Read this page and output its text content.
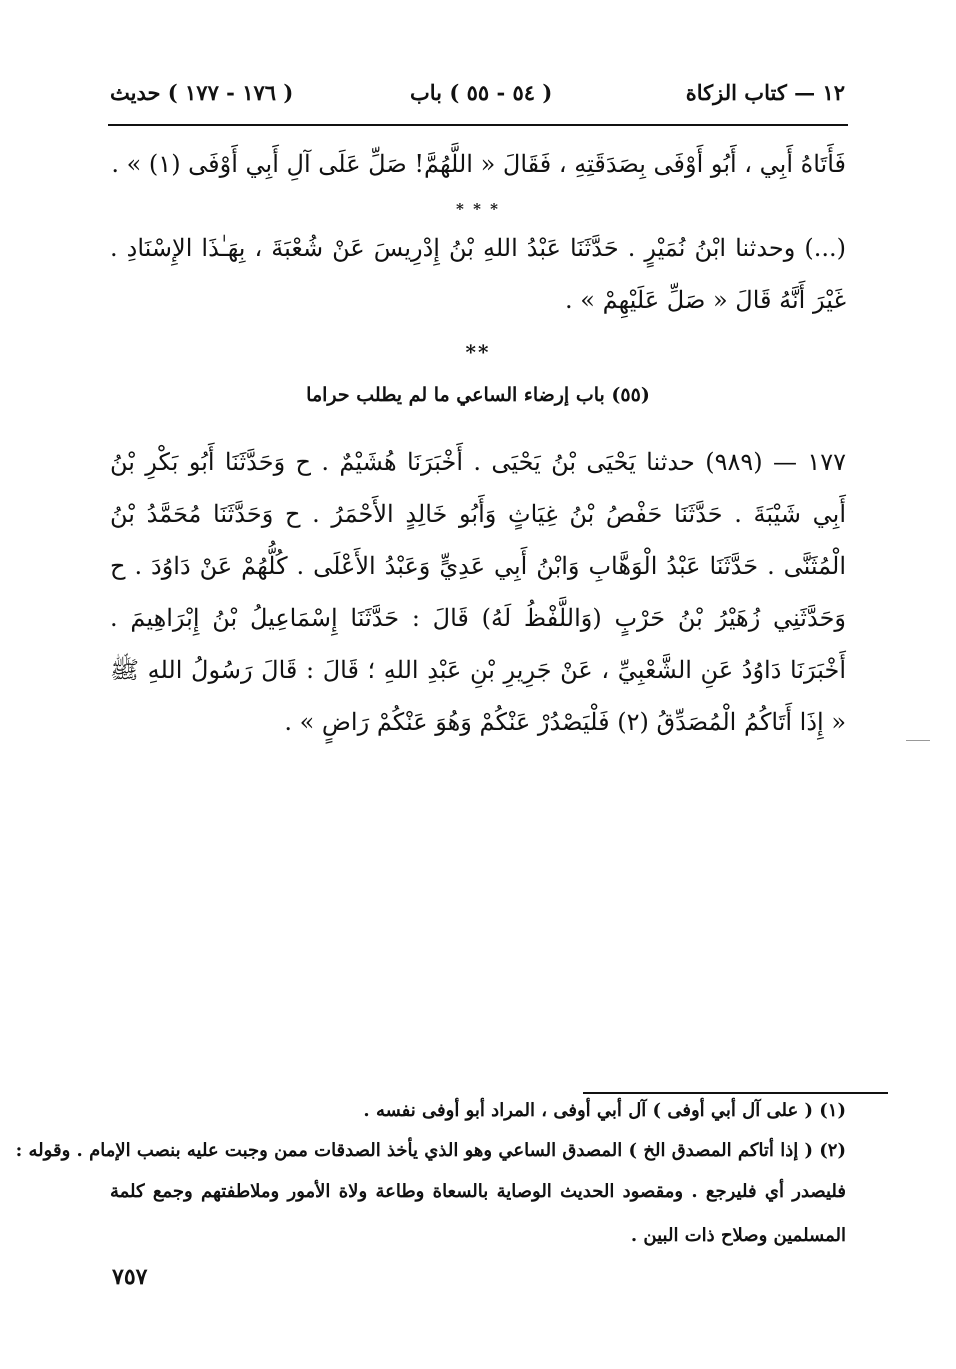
١٢ — كتاب الزكاة
( ٥٤ - ٥٥ ) باب
( ١٧٦ - ١٧٧ ) حديث
فَأَتَاهُ أَبِي ، أَبُو أَوْفَى بِصَدَقَتِهِ ، فَقَالَ « اللَّهُمَّ! صَلِّ عَلَى آلِ أَبِي أَوْفَى (١) » .
* * *
(...) وحدثنا ابْنُ نُمَيْرٍ . حَدَّثَنَا عَبْدُ اللهِ بْنُ إِدْرِيسَ عَنْ شُعْبَةَ ، بِهَـٰذَا الإِسْنَادِ . غَيْرَ أَنَّهُ قَالَ « صَلِّ عَلَيْهِمْ » .
**
(٥٥) باب إرضاء الساعي ما لم يطلب حراما
١٧٧ — (٩٨٩) حدثنا يَحْيَى بْنُ يَحْيَى . أَخْبَرَنَا هُشَيْمٌ . ح وَحَدَّثَنَا أَبُو بَكْرِ بْنُ أَبِي شَيْبَةَ . حَدَّثَنَا حَفْصُ بْنُ غِيَاثٍ وَأَبُو خَالِدٍ الأَحْمَرُ . ح وَحَدَّثَنَا مُحَمَّدُ بْنُ الْمُثَنَّى . حَدَّثَنَا عَبْدُ الْوَهَّابِ وَابْنُ أَبِي عَدِيٍّ وَعَبْدُ الأَعْلَى . كُلُّهُمْ عَنْ دَاوُدَ . ح وَحَدَّثَنِي زُهَيْرُ بْنُ حَرْبٍ (وَاللَّفْظُ لَهُ) قَالَ : حَدَّثَنَا إِسْمَاعِيلُ بْنُ إِبْرَاهِيمَ . أَخْبَرَنَا دَاوُدُ عَنِ الشَّعْبِيِّ ، عَنْ جَرِيرِ بْنِ عَبْدِ اللهِ ؛ قَالَ : قَالَ رَسُولُ اللهِ ﷺ « إِذَا أَتَاكُمُ الْمُصَدِّقُ (٢) فَلْيَصْدُرْ عَنْكُمْ وَهُوَ عَنْكُمْ رَاضٍ » .
(١) ( على آل أبي أوفى ) آل أبي أوفى ، المراد أبو أوفى نفسه .
(٢) ( إذا أتاكم المصدق الخ ) المصدق الساعي وهو الذي يأخذ الصدقات ممن وجبت عليه بنصب الإمام . وقوله :
فليصدر أي فليرجع . ومقصود الحديث الوصاية بالسعاة وطاعة ولاة الأمور وملاطفتهم وجمع كلمة المسلمين وصلاح ذات البين .
٧٥٧
